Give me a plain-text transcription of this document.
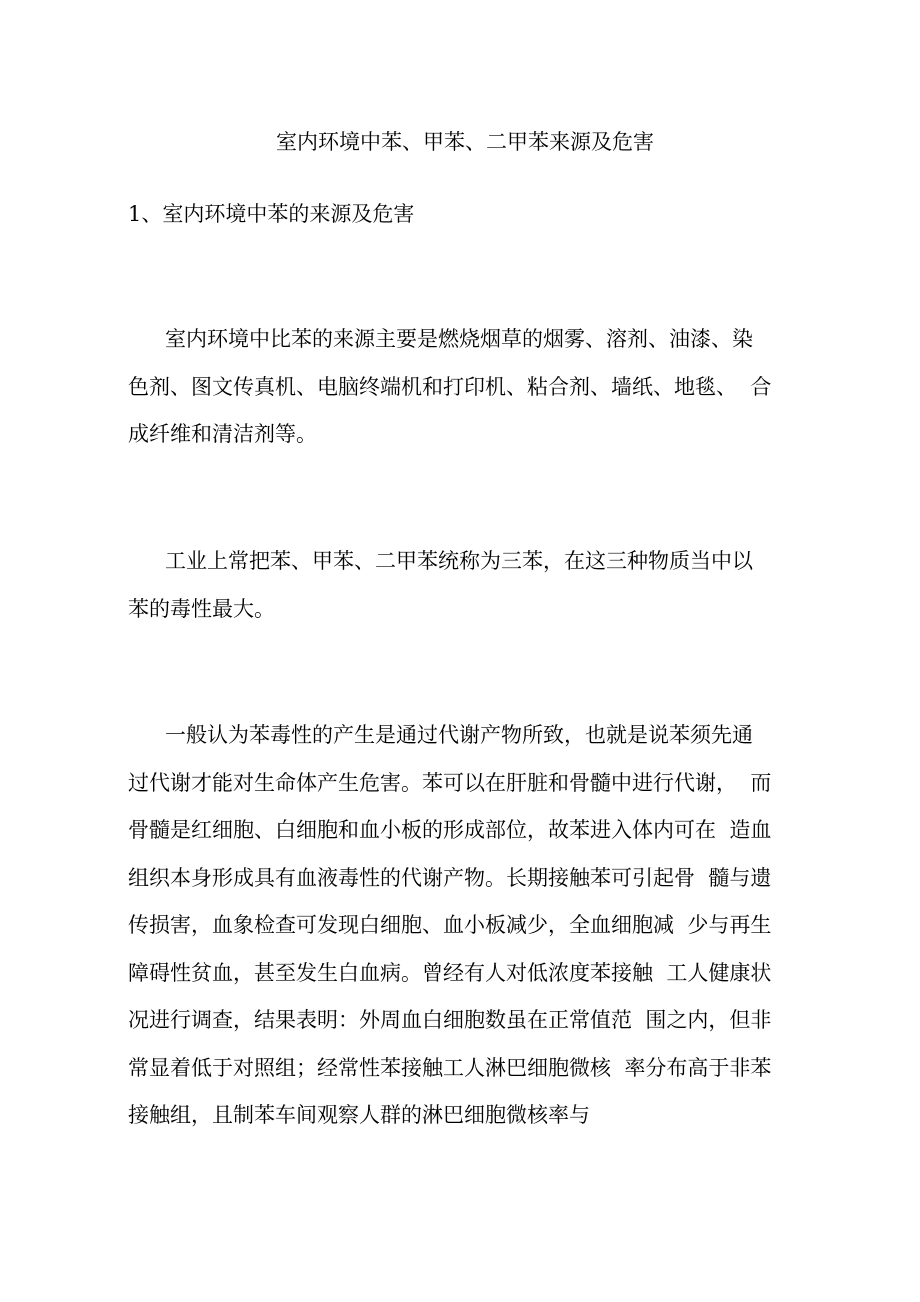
室内环境中苯、甲苯、二甲苯来源及危害
1、室内环境中苯的来源及危害
室内环境中比苯的来源主要是燃烧烟草的烟雾、溶剂、油漆、染
色剂、图文传真机、电脑终端机和打印机、粘合剂、墙纸、地毯、  合
成纤维和清洁剂等。
工业上常把苯、甲苯、二甲苯统称为三苯，在这三种物质当中以
苯的毒性最大。
一般认为苯毒性的产生是通过代谢产物所致，也就是说苯须先通
过代谢才能对生命体产生危害。苯可以在肝脏和骨髓中进行代谢，  而
骨髓是红细胞、白细胞和血小板的形成部位，故苯进入体内可在  造血
组织本身形成具有血液毒性的代谢产物。长期接触苯可引起骨  髓与遗
传损害，血象检查可发现白细胞、血小板减少，全血细胞减  少与再生
障碍性贫血，甚至发生白血病。曾经有人对低浓度苯接触  工人健康状
况进行调查，结果表明：外周血白细胞数虽在正常值范  围之内，但非
常显着低于对照组；经常性苯接触工人淋巴细胞微核  率分布高于非苯
接触组，且制苯车间观察人群的淋巴细胞微核率与
